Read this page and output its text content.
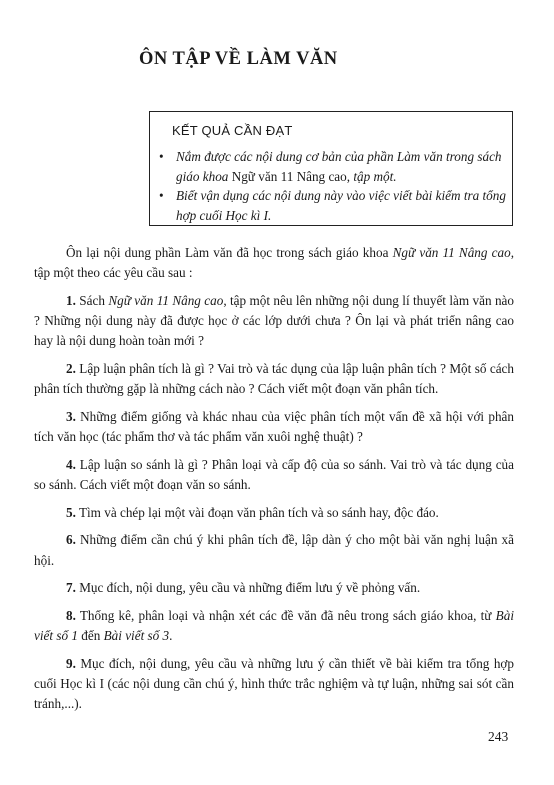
ÔN TẬP VỀ LÀM VĂN
KẾT QUẢ CẦN ĐẠT
• Nắm được các nội dung cơ bản của phần Làm văn trong sách giáo khoa Ngữ văn 11 Nâng cao, tập một.
• Biết vận dụng các nội dung này vào việc viết bài kiểm tra tổng hợp cuối Học kì I.

Ôn lại nội dung phần Làm văn đã học trong sách giáo khoa Ngữ văn 11 Nâng cao, tập một theo các yêu cầu sau :

1. Sách Ngữ văn 11 Nâng cao, tập một nêu lên những nội dung lí thuyết làm văn nào ? Những nội dung này đã được học ở các lớp dưới chưa ? Ôn lại và phát triển nâng cao hay là nội dung hoàn toàn mới ?

2. Lập luận phân tích là gì ? Vai trò và tác dụng của lập luận phân tích ? Một số cách phân tích thường gặp là những cách nào ? Cách viết một đoạn văn phân tích.

3. Những điểm giống và khác nhau của việc phân tích một vấn đề xã hội với phân tích văn học (tác phẩm thơ và tác phẩm văn xuôi nghệ thuật) ?

4. Lập luận so sánh là gì ? Phân loại và cấp độ của so sánh. Vai trò và tác dụng của so sánh. Cách viết một đoạn văn so sánh.

5. Tìm và chép lại một vài đoạn văn phân tích và so sánh hay, độc đáo.

6. Những điểm cần chú ý khi phân tích đề, lập dàn ý cho một bài văn nghị luận xã hội.

7. Mục đích, nội dung, yêu cầu và những điểm lưu ý về phỏng vấn.

8. Thống kê, phân loại và nhận xét các đề văn đã nêu trong sách giáo khoa, từ Bài viết số 1 đến Bài viết số 3.

9. Mục đích, nội dung, yêu cầu và những lưu ý cần thiết về bài kiểm tra tổng hợp cuối Học kì I (các nội dung cần chú ý, hình thức trắc nghiệm và tự luận, những sai sót cần tránh,...).

243
